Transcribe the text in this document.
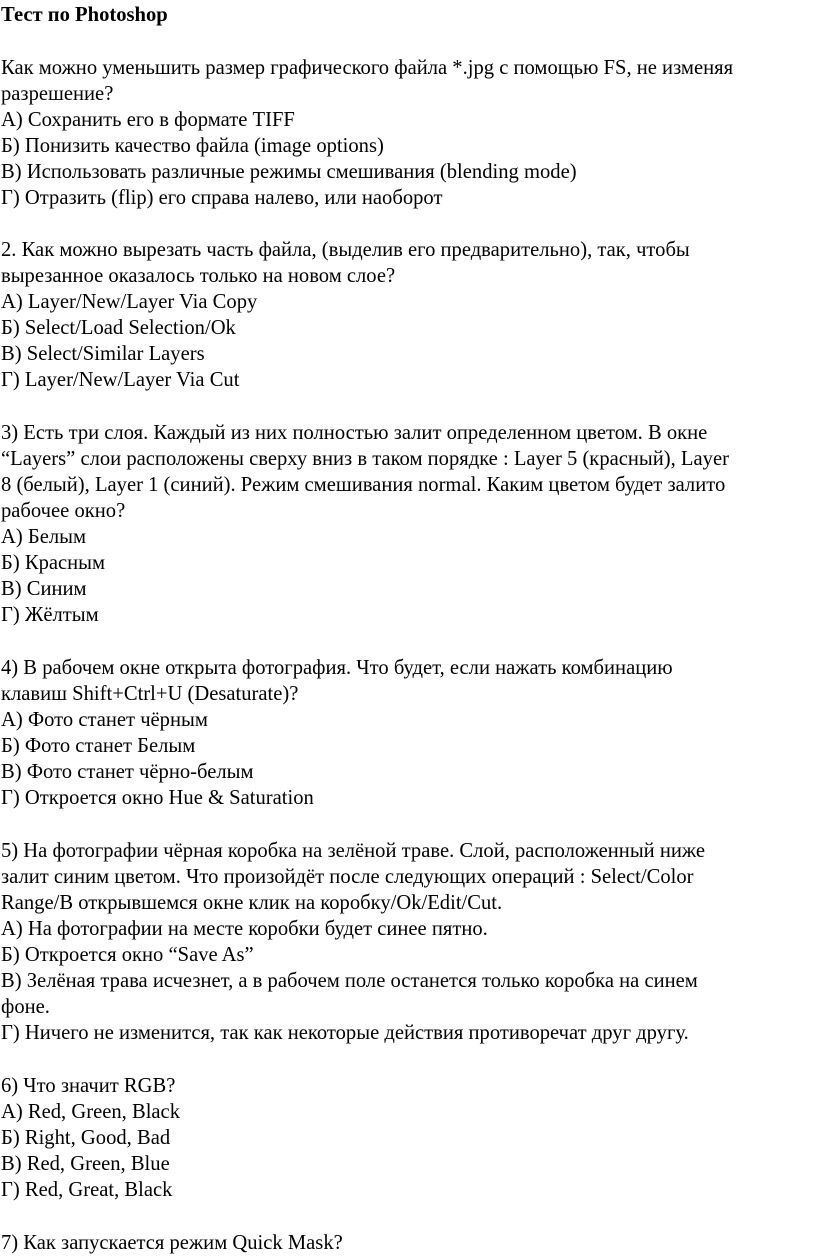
Тест по Photoshop
Как можно уменьшить размер графического файла *.jpg с помощью FS, не изменяя
разрешение?
А) Сохранить его в формате TIFF
Б) Понизить качество файла (image options)
В) Использовать различные режимы смешивания (blending mode)
Г) Отразить (flip) его справа налево, или наоборот
2. Как можно вырезать часть файла, (выделив его предварительно), так, чтобы
вырезанное оказалось только на новом слое?
А) Layer/New/Layer Via Copy
Б) Select/Load Selection/Ok
В) Select/Similar Layers
Г) Layer/New/Layer Via Cut
3) Есть три слоя. Каждый из них полностью залит определенном цветом. В окне
“Layers” слои расположены сверху вниз в таком порядке : Layer 5 (красный), Layer
8 (белый), Layer 1 (синий). Режим смешивания normal. Каким цветом будет залито
рабочее окно?
А) Белым
Б) Красным
В) Синим
Г) Жёлтым
4) В рабочем окне открыта фотография. Что будет, если нажать комбинацию
клавиш Shift+Ctrl+U (Desaturate)?
А) Фото станет чёрным
Б) Фото станет Белым
В) Фото станет чёрно-белым
Г) Откроется окно Hue & Saturation
5) На фотографии чёрная коробка на зелёной траве. Слой, расположенный ниже
залит синим цветом. Что произойдёт после следующих операций : Select/Color
Range/В открывшемся окне клик на коробку/Ok/Edit/Cut.
А) На фотографии на месте коробки будет синее пятно.
Б) Откроется окно “Save As”
В) Зелёная трава исчезнет, а в рабочем поле останется только коробка на синем
фоне.
Г) Ничего не изменится, так как некоторые действия противоречат друг другу.
6) Что значит RGB?
А) Red, Green, Black
Б) Right, Good, Bad
В) Red, Green, Blue
Г) Red, Great, Black
7) Как запускается режим Quick Mask?
